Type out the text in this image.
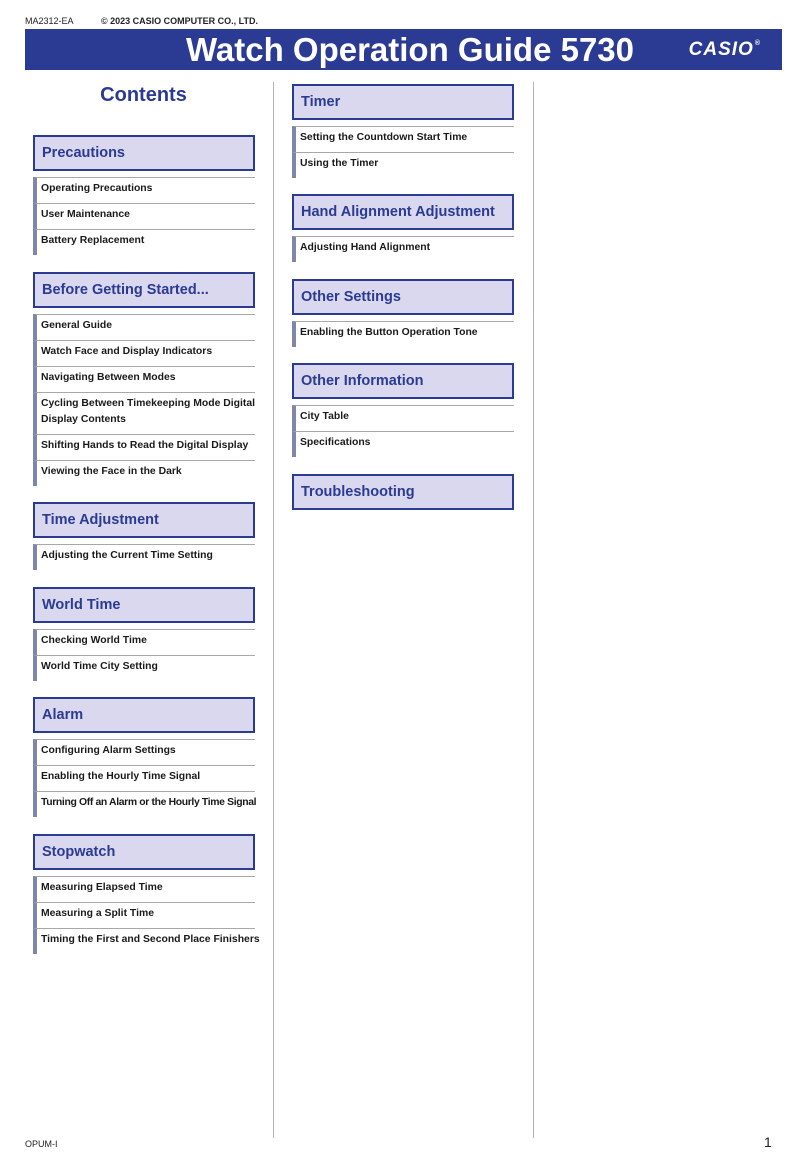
MA2312-EA	© 2023 CASIO COMPUTER CO., LTD.
Watch Operation Guide 5730	CASIO®
Contents
Precautions
Operating Precautions
User Maintenance
Battery Replacement
Before Getting Started...
General Guide
Watch Face and Display Indicators
Navigating Between Modes
Cycling Between Timekeeping Mode Digital Display Contents
Shifting Hands to Read the Digital Display
Viewing the Face in the Dark
Time Adjustment
Adjusting the Current Time Setting
World Time
Checking World Time
World Time City Setting
Alarm
Configuring Alarm Settings
Enabling the Hourly Time Signal
Turning Off an Alarm or the Hourly Time Signal
Stopwatch
Measuring Elapsed Time
Measuring a Split Time
Timing the First and Second Place Finishers
Timer
Setting the Countdown Start Time
Using the Timer
Hand Alignment Adjustment
Adjusting Hand Alignment
Other Settings
Enabling the Button Operation Tone
Other Information
City Table
Specifications
Troubleshooting
OPUM-I	1
